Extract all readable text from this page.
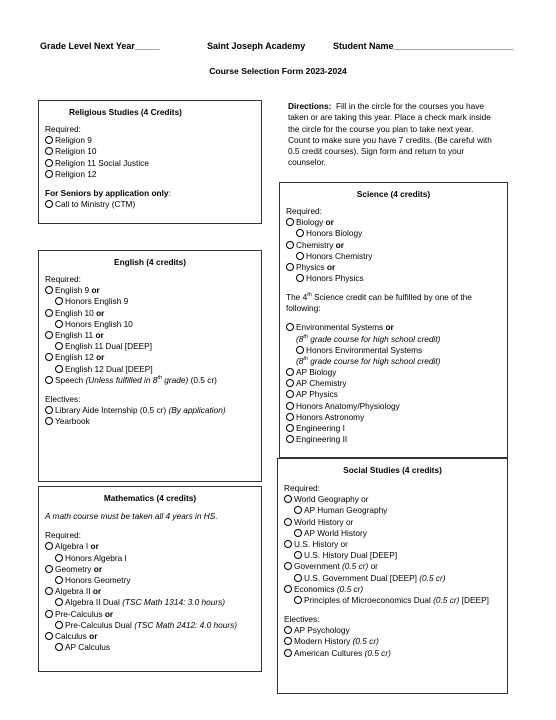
Grade Level Next Year_____	Saint Joseph Academy	Student Name________________________
Course Selection Form 2023-2024
Directions: Fill in the circle for the courses you have taken or are taking this year. Place a check mark inside the circle for the course you plan to take next year. Count to make sure you have 7 credits. (Be careful with 0.5 credit courses). Sign form and return to your counselor.
Religious Studies (4 Credits)
Required:
Religion 9
Religion 10
Religion 11 Social Justice
Religion 12
For Seniors by application only:
Call to Ministry (CTM)
English (4 credits)
Required:
English 9 or
Honors English 9
English 10 or
Honors English 10
English 11 or
English 11 Dual [DEEP]
English 12 or
English 12 Dual [DEEP]
Speech (Unless fulfilled in 8th grade) (0.5 cr)
Electives:
Library Aide Internship (0.5 cr) (By application)
Yearbook
Mathematics (4 credits)
A math course must be taken all 4 years in HS.
Required:
Algebra I or
Honors Algebra I
Geometry or
Honors Geometry
Algebra II or
Algebra II Dual (TSC Math 1314: 3.0 hours)
Pre-Calculus or
Pre-Calculus Dual (TSC Math 2412: 4.0 hours)
Calculus or
AP Calculus
Science (4 credits)
Required:
Biology or
Honors Biology
Chemistry or
Honors Chemistry
Physics or
Honors Physics
The 4th Science credit can be fulfilled by one of the following:
Environmental Systems or
(8th grade course for high school credit)
Honors Environmental Systems
(8th grade course for high school credit)
AP Biology
AP Chemistry
AP Physics
Honors Anatomy/Physiology
Honors Astronomy
Engineering I
Engineering II
Social Studies (4 credits)
Required:
World Geography or
AP Human Geography
World History or
AP World History
U.S. History or
U.S. History Dual [DEEP]
Government (0.5 cr) or
U.S. Government Dual [DEEP] (0.5 cr)
Economics (0.5 cr)
Principles of Microeconomics Dual (0.5 cr) [DEEP]
Electives:
AP Psychology
Modern History (0.5 cr)
American Cultures (0.5 cr)
